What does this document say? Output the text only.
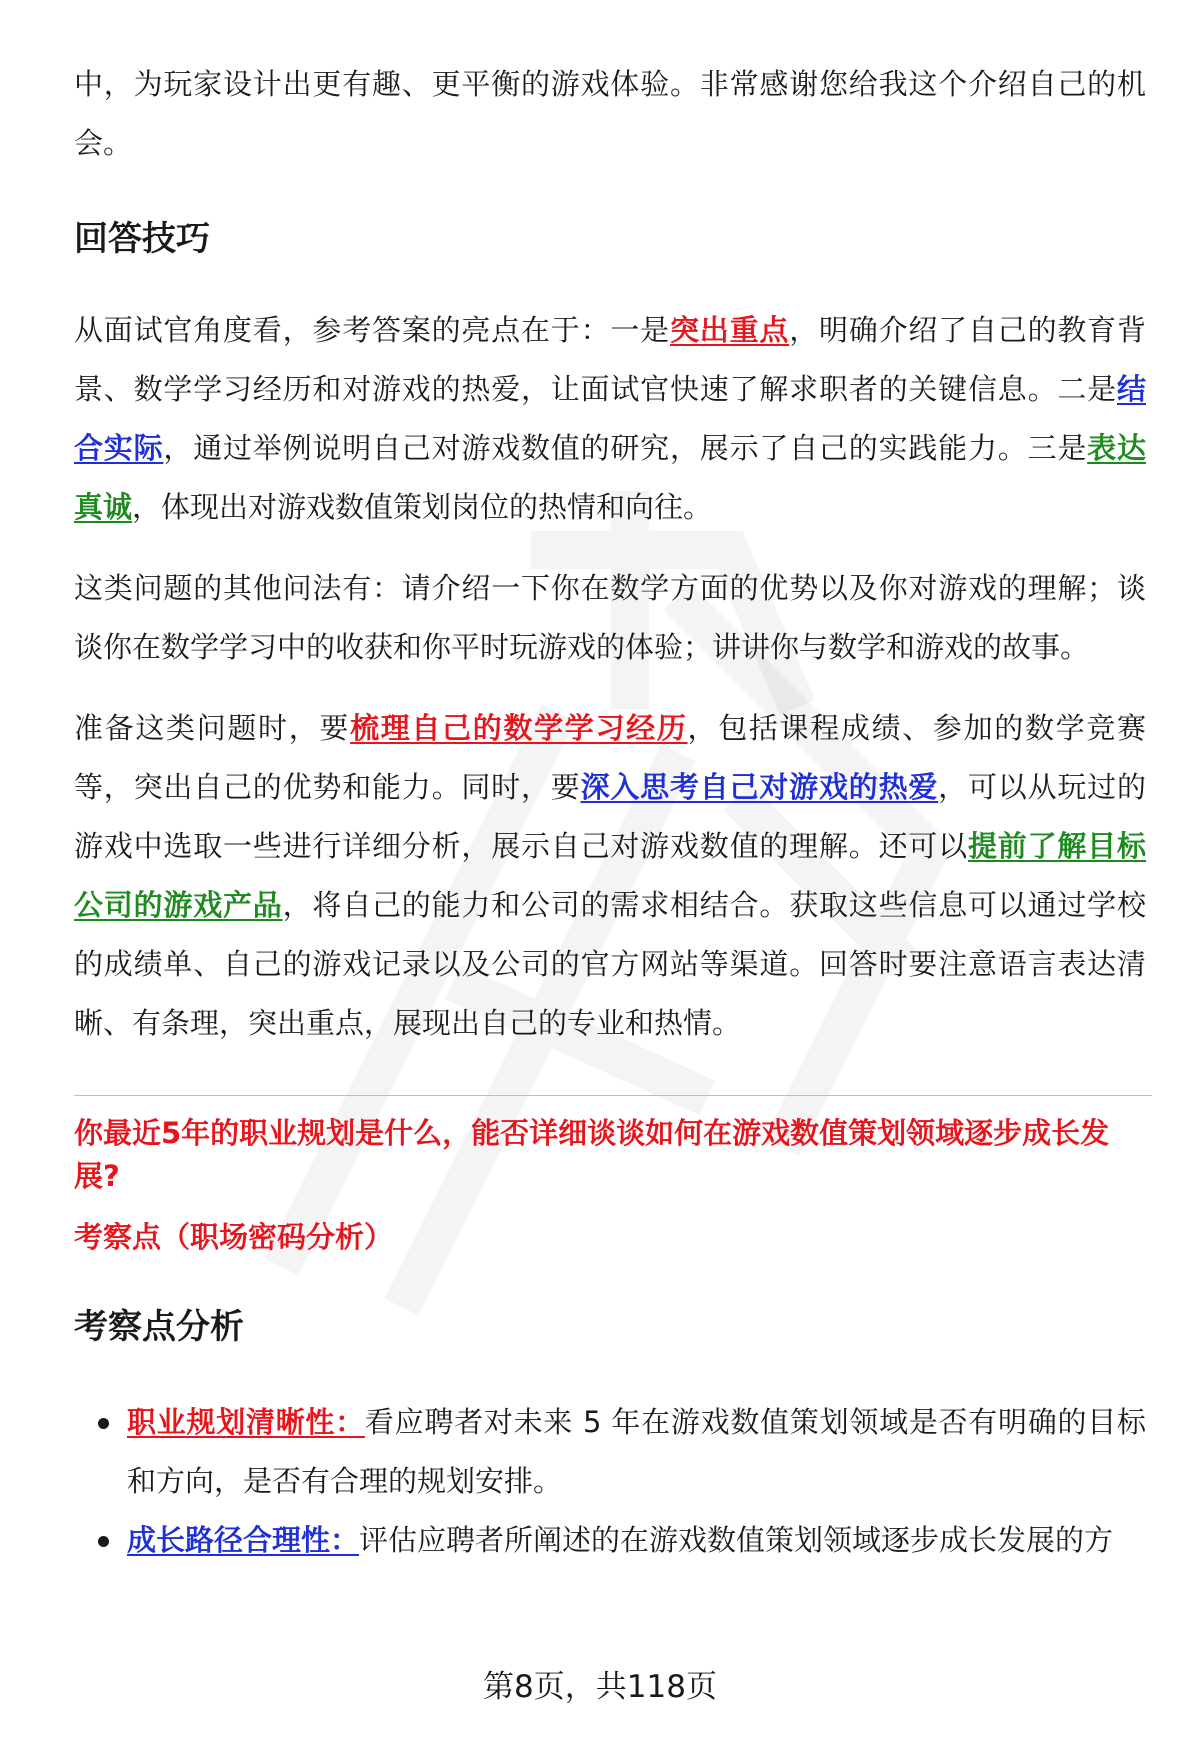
中，为玩家设计出更有趣、更平衡的游戏体验。非常感谢您给我这个介绍自己的机会。

回答技巧

从面试官角度看，参考答案的亮点在于：一是突出重点，明确介绍了自己的教育背景、数学学习经历和对游戏的热爱，让面试官快速了解求职者的关键信息。二是结合实际，通过举例说明自己对游戏数值的研究，展示了自己的实践能力。三是表达真诚，体现出对游戏数值策划岗位的热情和向往。

这类问题的其他问法有：请介绍一下你在数学方面的优势以及你对游戏的理解；谈谈你在数学学习中的收获和你平时玩游戏的体验；讲讲你与数学和游戏的故事。

准备这类问题时，要梳理自己的数学学习经历，包括课程成绩、参加的数学竞赛等，突出自己的优势和能力。同时，要深入思考自己对游戏的热爱，可以从玩过的游戏中选取一些进行详细分析，展示自己对游戏数值的理解。还可以提前了解目标公司的游戏产品，将自己的能力和公司的需求相结合。获取这些信息可以通过学校的成绩单、自己的游戏记录以及公司的官方网站等渠道。回答时要注意语言表达清晰、有条理，突出重点，展现出自己的专业和热情。

你最近5年的职业规划是什么，能否详细谈谈如何在游戏数值策划领域逐步成长发展?

考察点（职场密码分析）

考察点分析
职业规划清晰性：看应聘者对未来 5 年在游戏数值策划领域是否有明确的目标和方向，是否有合理的规划安排。
成长路径合理性：评估应聘者所阐述的在游戏数值策划领域逐步成长发展的方
第8页，共118页
